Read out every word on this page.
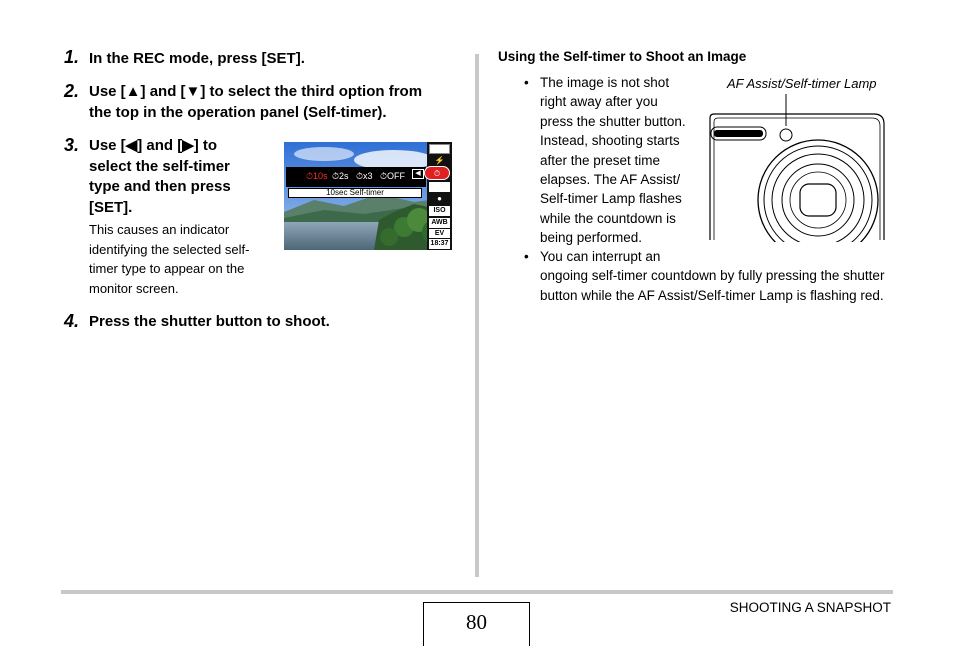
1. In the REC mode, press [SET].
2. Use [▲] and [▼] to select the third option from
the top in the operation panel (Self-timer).
3. Use [◀] and [▶] to
select the self-timer
type and then press
[SET].
This causes an indicator
identifying the selected self-
timer type to appear on the
monitor screen.
4. Press the shutter button to shoot.
⏱10s ⏱2s ⏱x3 ⏱OFF	◀
10sec Self-timer
⚡
⏱
●
ISO
AWB
EV
18:37
Using the Self-timer to Shoot an Image
AF Assist/Self-timer Lamp
• The image is not shot
right away after you
press the shutter button.
Instead, shooting starts
after the preset time
elapses. The AF Assist/
Self-timer Lamp flashes
while the countdown is
being performed.
• You can interrupt an
ongoing self-timer countdown by fully pressing the shutter
button while the AF Assist/Self-timer Lamp is flashing red.
80
SHOOTING A SNAPSHOT
